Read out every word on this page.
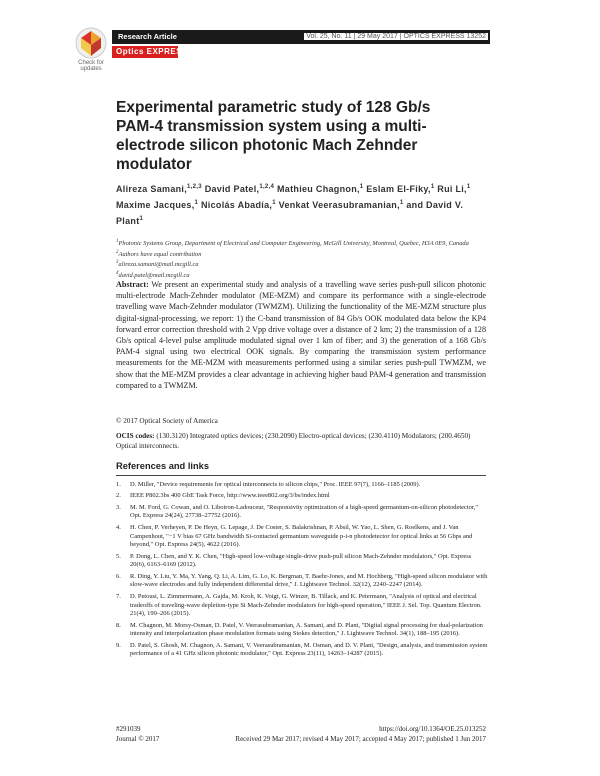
Check for updates
Research Article	Vol. 25, No. 11 | 29 May 2017 | OPTICS EXPRESS 13252
Optics EXPRESS
Experimental parametric study of 128 Gb/s PAM-4 transmission system using a multi-electrode silicon photonic Mach Zehnder modulator
Alireza Samani,$^{1,2,3}$ David Patel,$^{1,2,4}$ Mathieu Chagnon,$^1$ Eslam El-Fiky,$^1$ Rui Li,$^1$ Maxime Jacques,$^1$ Nicolás Abadía,$^1$ Venkat Veerasubramanian,$^1$ and David V. Plant$^1$
$^1$Photonic Systems Group, Department of Electrical and Computer Engineering, McGill University, Montreal, Quebec, H3A 0E9, Canada
$^2$Authors have equal contribution
$^3$alireza.samani@mail.mcgill.ca
$^4$david.patel@mail.mcgill.ca
Abstract: We present an experimental study and analysis of a travelling wave series push-pull silicon photonic multi-electrode Mach-Zehnder modulator (ME-MZM) and compare its performance with a single-electrode travelling wave Mach-Zehnder modulator (TWMZM). Utilizing the functionality of the ME-MZM structure plus digital-signal-processing, we report: 1) the C-band transmission of 84 Gb/s OOK modulated data below the KP4 forward error correction threshold with 2 Vpp drive voltage over a distance of 2 km; 2) the transmission of a 128 Gb/s optical 4-level pulse amplitude modulated signal over 1 km of fiber; and 3) the generation of a 168 Gb/s PAM-4 signal using two electrical OOK signals. By comparing the transmission system performance measurements for the ME-MZM with measurements performed using a similar series push-pull TWMZM, we show that the ME-MZM provides a clear advantage in achieving higher baud PAM-4 generation and transmission compared to a TWMZM.
© 2017 Optical Society of America
OCIS codes: (130.3120) Integrated optics devices; (230.2090) Electro-optical devices; (230.4110) Modulators; (200.4650) Optical interconnects.
References and links
1. D. Miller, "Device requirements for optical interconnects to silicon chips," Proc. IEEE 97(7), 1166–1185 (2009).
2. IEEE P802.3bs 400 GbE Task Force, http://www.ieee802.org/3/bs/index.html
3. M. M. Ford, G. Cowan, and O. Liboiron-Ladouceur, "Responsivity optimization of a high-speed germanium-on-silicon photodetector," Opt. Express 24(24), 27738–27752 (2016).
4. H. Chen, P. Verheyen, P. De Heyn, G. Lepage, J. De Coster, S. Balakrishnan, P. Absil, W. Yao, L. Shen, G. Roelkens, and J. Van Campenhout, "−1 V bias 67 GHz bandwidth Si-contacted germanium waveguide p-i-n photodetector for optical links at 56 Gbps and beyond," Opt. Express 24(5), 4622 (2016).
5. P. Dong, L. Chen, and Y. K. Chen, "High-speed low-voltage single-drive push-pull silicon Mach-Zehnder modulators," Opt. Express 20(6), 6163–6169 (2012).
6. R. Ding, Y. Liu, Y. Ma, Y. Yang, Q. Li, A. Lim, G. Lo, K. Bergman, T. Baehr-Jones, and M. Hochberg, "High-speed silicon modulator with slow-wave electrodes and fully independent differential drive," J. Lightwave Technol. 32(12), 2240–2247 (2014).
7. D. Petousi, L. Zimmermann, A. Gajda, M. Kroh, K. Voigt, G. Winzer, B. Tillack, and K. Petermann, "Analysis of optical and electrical tradeoffs of traveling-wave depletion-type Si Mach-Zehnder modulators for high-speed operation," IEEE J. Sel. Top. Quantum Electron. 21(4), 199–206 (2015).
8. M. Chagnon, M. Morsy-Osman, D. Patel, V. Veerasubramanian, A. Samani, and D. Plant, "Digital signal processing for dual-polarization intensity and interpolarization phase modulation formats using Stokes detection," J. Lightwave Technol. 34(1), 188–195 (2016).
9. D. Patel, S. Ghosh, M. Chagnon, A. Samani, V. Veerasubramanian, M. Osman, and D. V. Plant, "Design, analysis, and transmission system performance of a 41 GHz silicon photonic modulator," Opt. Express 23(11), 14263–14287 (2015).
#291039
Journal © 2017
https://doi.org/10.1364/OE.25.013252
Received 29 Mar 2017; revised 4 May 2017; accepted 4 May 2017; published 1 Jun 2017
